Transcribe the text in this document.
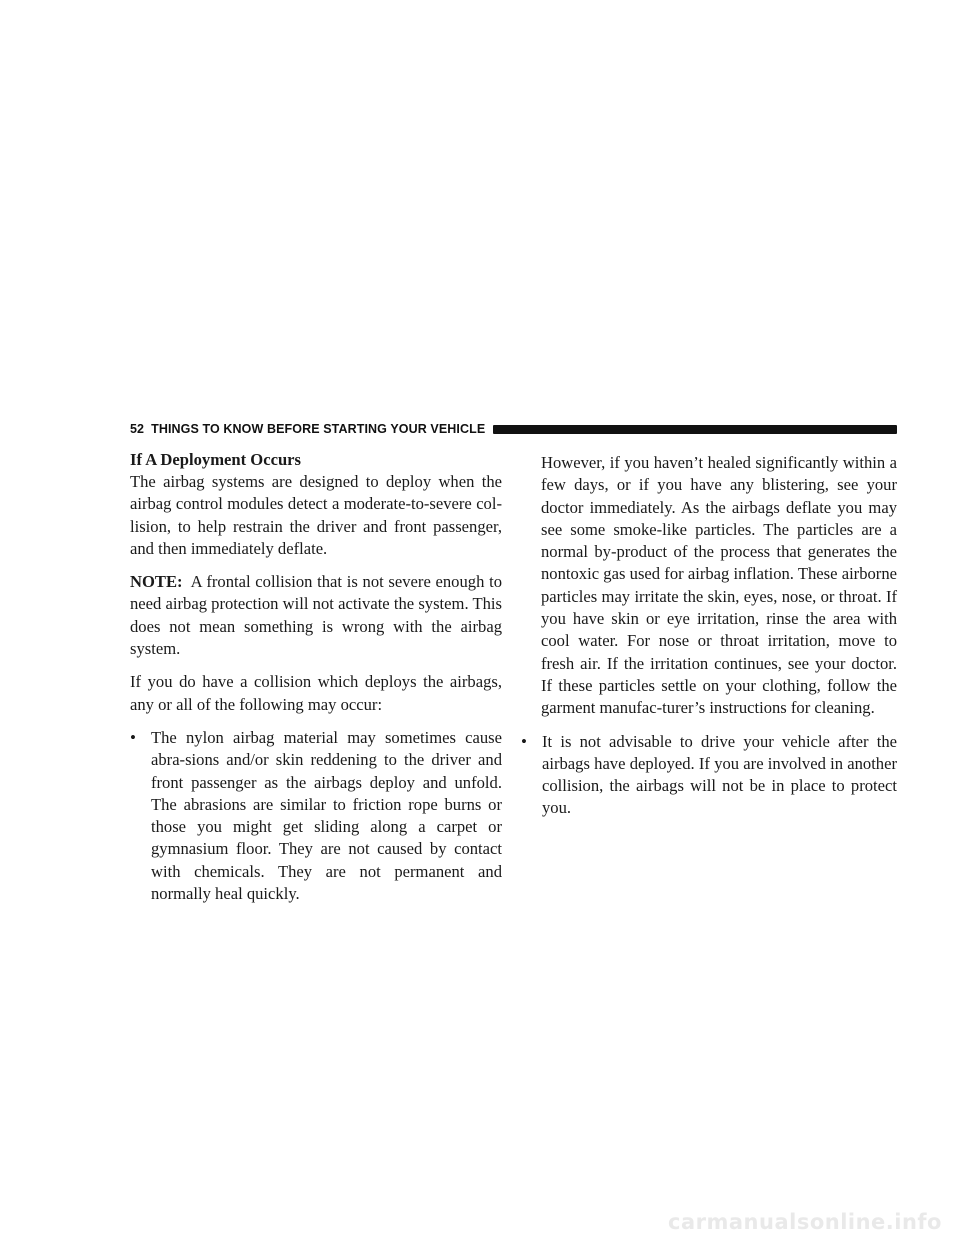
52 THINGS TO KNOW BEFORE STARTING YOUR VEHICLE
If A Deployment Occurs

The airbag systems are designed to deploy when the airbag control modules detect a moderate-to-severe col-lision, to help restrain the driver and front passenger, and then immediately deflate.

NOTE: A frontal collision that is not severe enough to need airbag protection will not activate the system. This does not mean something is wrong with the airbag system.

If you do have a collision which deploys the airbags, any or all of the following may occur:

• The nylon airbag material may sometimes cause abra-sions and/or skin reddening to the driver and front passenger as the airbags deploy and unfold. The abrasions are similar to friction rope burns or those you might get sliding along a carpet or gymnasium floor. They are not caused by contact with chemicals. They are not permanent and normally heal quickly.

However, if you haven’t healed significantly within a few days, or if you have any blistering, see your doctor immediately. As the airbags deflate you may see some smoke-like particles. The particles are a normal by-product of the process that generates the nontoxic gas used for airbag inflation. These airborne particles may irritate the skin, eyes, nose, or throat. If you have skin or eye irritation, rinse the area with cool water. For nose or throat irritation, move to fresh air. If the irritation continues, see your doctor. If these particles settle on your clothing, follow the garment manufac-turer’s instructions for cleaning.

• It is not advisable to drive your vehicle after the airbags have deployed. If you are involved in another collision, the airbags will not be in place to protect you.
carmanualsonline.info
